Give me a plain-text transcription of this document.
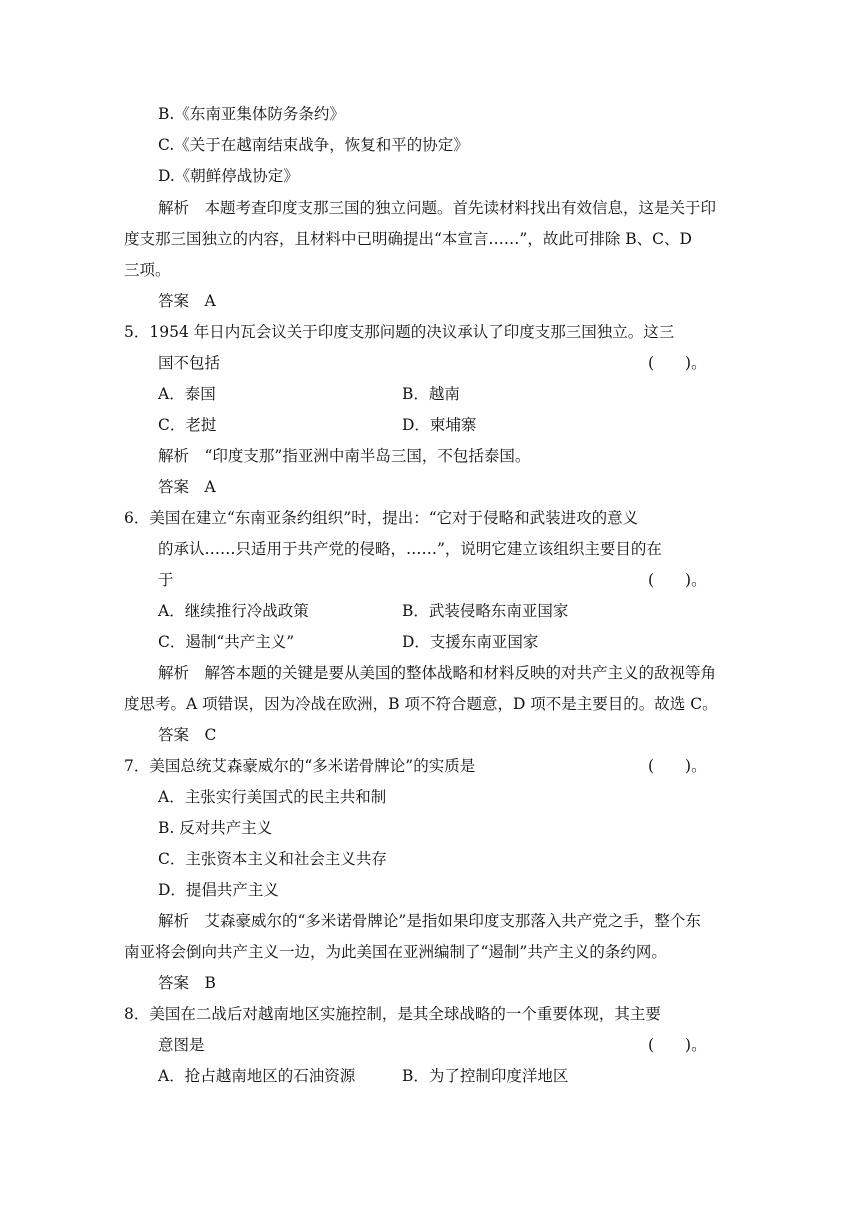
B.《东南亚集体防务条约》
C.《关于在越南结束战争，恢复和平的协定》
D.《朝鲜停战协定》
解析　本题考查印度支那三国的独立问题。首先读材料找出有效信息，这是关于印
度支那三国独立的内容，且材料中已明确提出“本宣言……”，故此可排除 B、C、D
三项。
答案　A
5．1954 年日内瓦会议关于印度支那问题的决议承认了印度支那三国独立。这三
国不包括	(　　)。
A．泰国	B．越南
C．老挝	D．柬埔寨
解析　“印度支那”指亚洲中南半岛三国，不包括泰国。
答案　A
6．美国在建立“东南亚条约组织”时，提出：“它对于侵略和武装进攻的意义
的承认……只适用于共产党的侵略，……”，说明它建立该组织主要目的在
于	(　　)。
A．继续推行冷战政策	B．武装侵略东南亚国家
C．遏制“共产主义”	D．支援东南亚国家
解析　解答本题的关键是要从美国的整体战略和材料反映的对共产主义的敌视等角
度思考。A 项错误，因为冷战在欧洲，B 项不符合题意，D 项不是主要目的。故选 C。
答案　C
7．美国总统艾森豪威尔的“多米诺骨牌论”的实质是	(　　)。
A．主张实行美国式的民主共和制
B. 反对共产主义
C．主张资本主义和社会主义共存
D．提倡共产主义
解析　艾森豪威尔的“多米诺骨牌论”是指如果印度支那落入共产党之手，整个东
南亚将会倒向共产主义一边，为此美国在亚洲编制了“遏制”共产主义的条约网。
答案　B
8．美国在二战后对越南地区实施控制，是其全球战略的一个重要体现，其主要
意图是	(　　)。
A．抢占越南地区的石油资源	B．为了控制印度洋地区
